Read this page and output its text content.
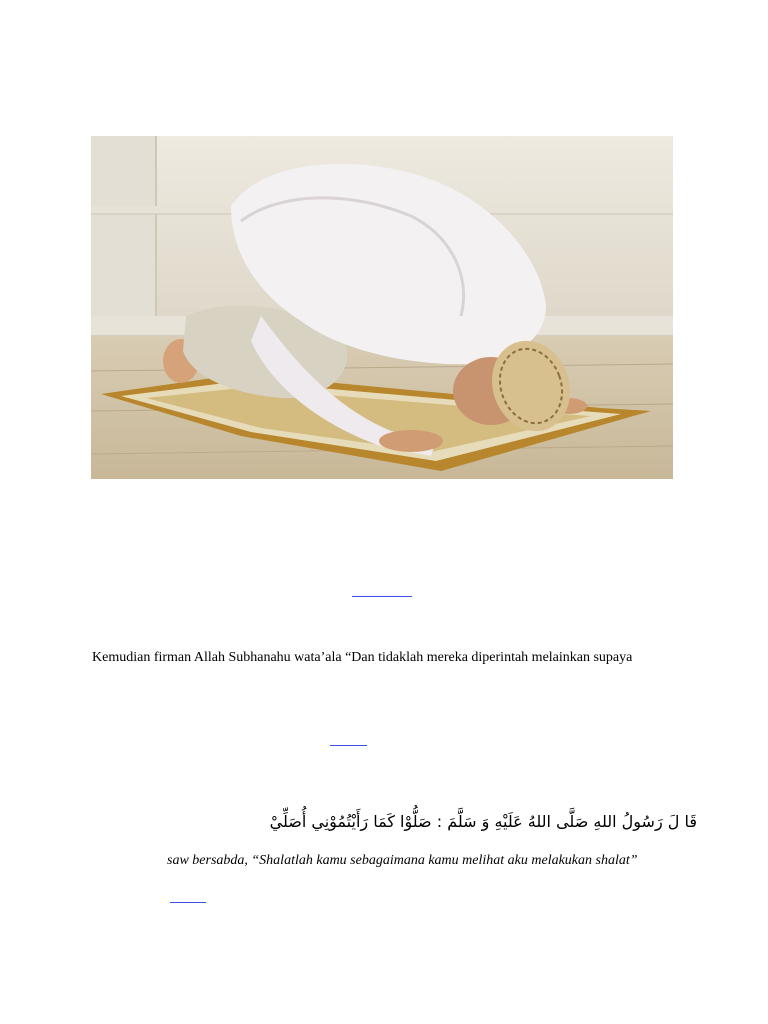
Kemudian firman Allah Subhanahu wata’ala “Dan tidaklah mereka diperintah melainkan supaya
قَا لَ رَسُولُ اللهِ صَلَّى اللهُ عَلَيْهِ وَ سَلَّمَ : صَلُّوْا كَمَا رَأَيْتُمُوْنِي أُصَلِّيْ
saw bersabda, “Shalatlah kamu sebagaimana kamu melihat aku melakukan shalat”
